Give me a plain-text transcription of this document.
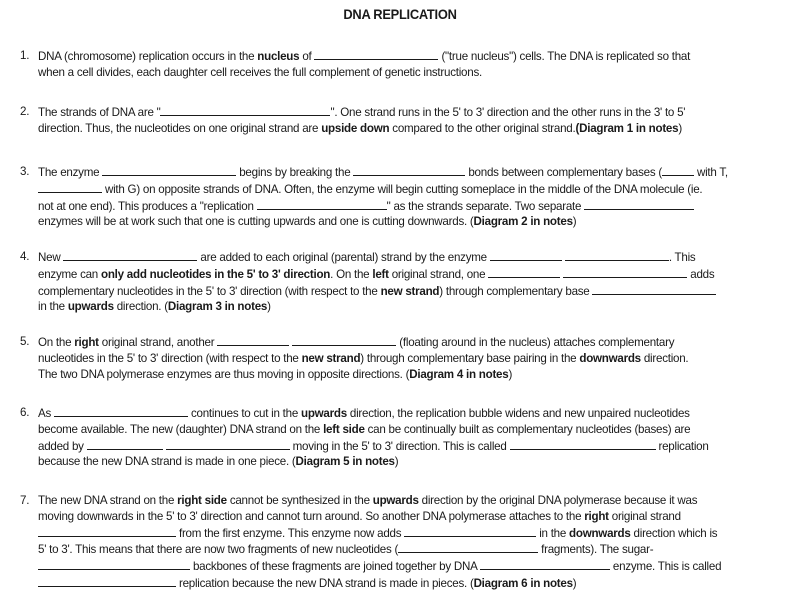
DNA REPLICATION
1. DNA (chromosome) replication occurs in the nucleus of	("true nucleus") cells. The DNA is replicated so that
when a cell divides, each daughter cell receives the full complement of genetic instructions.
2. The strands of DNA are "	". One strand runs in the 5' to 3' direction and the other runs in the 3' to 5'
direction. Thus, the nucleotides on one original strand are upside down compared to the other original strand.(Diagram 1 in notes)
3. The enzyme	begins by breaking the	bonds between complementary bases (	with T,
with G) on opposite strands of DNA. Often, the enzyme will begin cutting someplace in the middle of the DNA molecule (ie.
not at one end). This produces a "replication	" as the strands separate. Two separate
enzymes will be at work such that one is cutting upwards and one is cutting downwards. (Diagram 2 in notes)
4. New	are added to each original (parental) strand by the enzyme	. This
enzyme can only add nucleotides in the 5' to 3' direction. On the left original strand, one	adds
complementary nucleotides in the 5' to 3' direction (with respect to the new strand) through complementary base
in the upwards direction. (Diagram 3 in notes)
5. On the right original strand, another	(floating around in the nucleus) attaches complementary
nucleotides in the 5' to 3' direction (with respect to the new strand) through complementary base pairing in the downwards direction.
The two DNA polymerase enzymes are thus moving in opposite directions. (Diagram 4 in notes)
6. As	continues to cut in the upwards direction, the replication bubble widens and new unpaired nucleotides
become available. The new (daughter) DNA strand on the left side can be continually built as complementary nucleotides (bases) are
added by	moving in the 5' to 3' direction. This is called	replication
because the new DNA strand is made in one piece. (Diagram 5 in notes)
7. The new DNA strand on the right side cannot be synthesized in the upwards direction by the original DNA polymerase because it was
moving downwards in the 5' to 3' direction and cannot turn around. So another DNA polymerase attaches to the right original strand
from the first enzyme. This enzyme now adds	in the downwards direction which is
5' to 3'. This means that there are now two fragments of new nucleotides (	fragments). The sugar-
backbones of these fragments are joined together by DNA	enzyme. This is called
replication because the new DNA strand is made in pieces. (Diagram 6 in notes)
